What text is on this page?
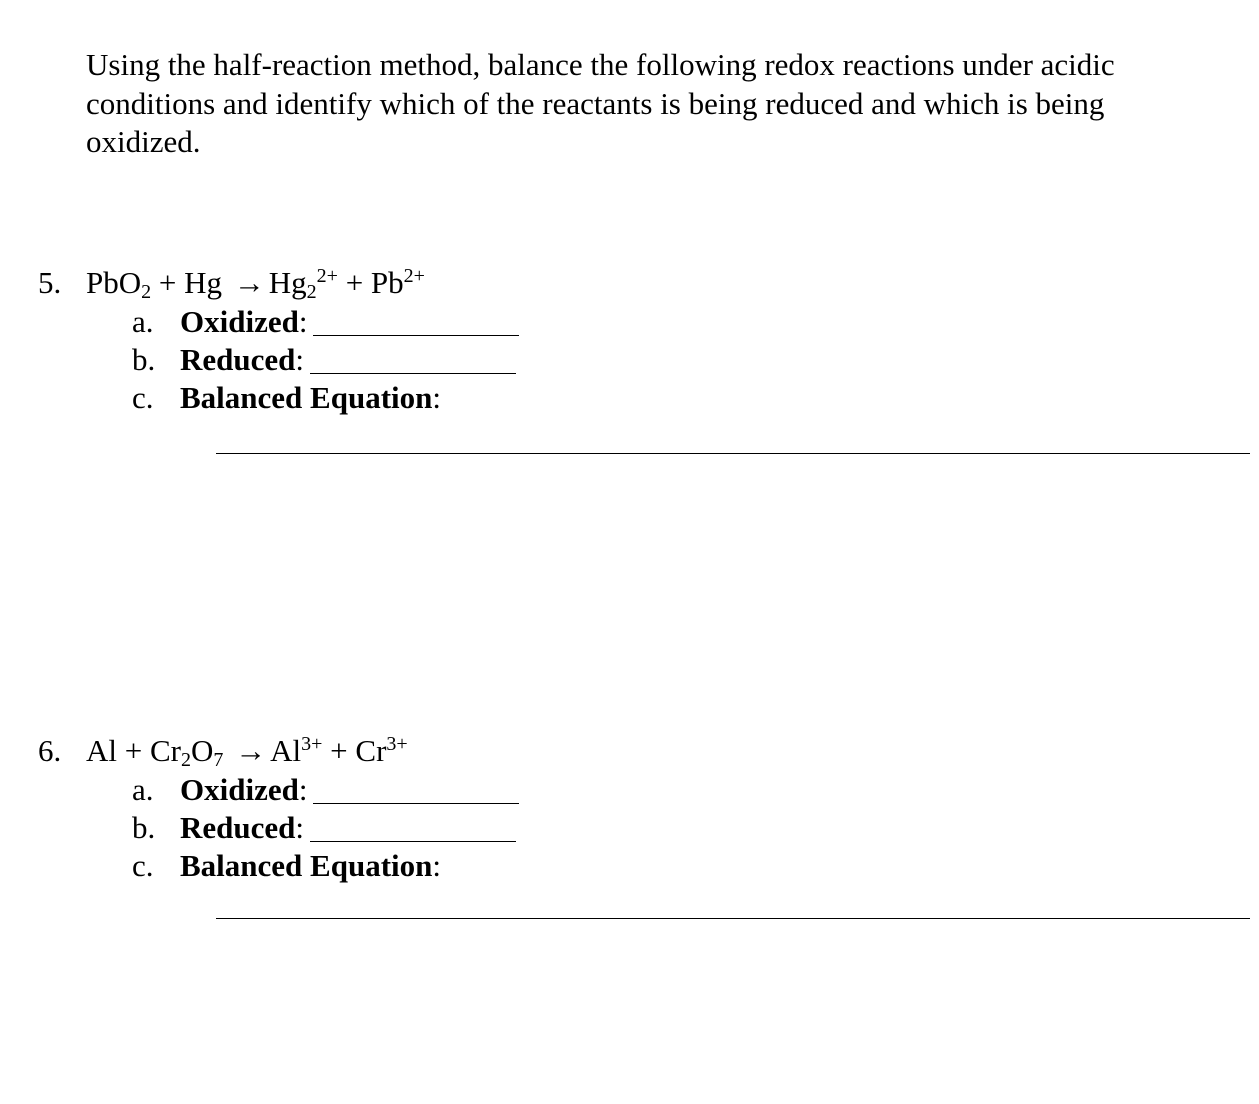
Using the half-reaction method, balance the following redox reactions under acidic conditions and identify which of the reactants is being reduced and which is being oxidized.
5. $PbO_2 + Hg \to Hg_2^{2+} + Pb^{2+}$
a. Oxidized:
b. Reduced:
c. Balanced Equation:
6. $Al + Cr_2O_7 \to Al^{3+} + Cr^{3+}$
a. Oxidized:
b. Reduced:
c. Balanced Equation:
